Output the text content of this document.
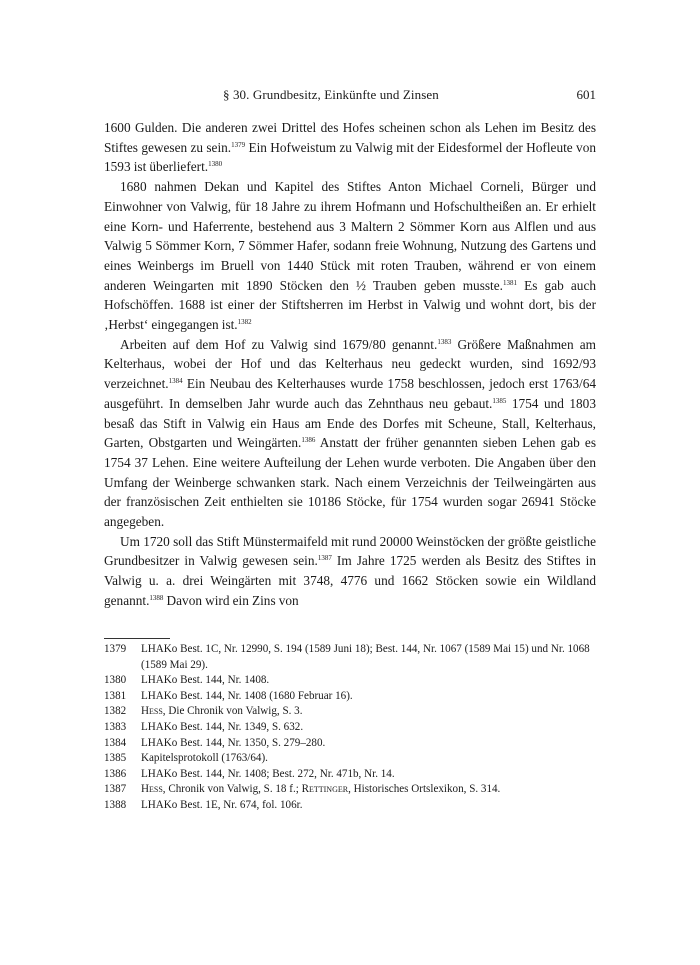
§ 30. Grundbesitz, Einkünfte und Zinsen	601

1600 Gulden. Die anderen zwei Drittel des Hofes scheinen schon als Lehen im Besitz des Stiftes gewesen zu sein.$^{1379}$ Ein Hofweistum zu Valwig mit der Eidesformel der Hofleute von 1593 ist überliefert.$^{1380}$

1680 nahmen Dekan und Kapitel des Stiftes Anton Michael Corneli, Bürger und Einwohner von Valwig, für 18 Jahre zu ihrem Hofmann und Hofschultheißen an. Er erhielt eine Korn- und Haferrente, bestehend aus 3 Maltern 2 Sömmer Korn aus Alflen und aus Valwig 5 Sömmer Korn, 7 Sömmer Hafer, sodann freie Wohnung, Nutzung des Gartens und eines Weinbergs im Bruell von 1440 Stück mit roten Trauben, während er von einem anderen Weingarten mit 1890 Stöcken den ½ Trauben geben musste.$^{1381}$ Es gab auch Hofschöffen. 1688 ist einer der Stiftsherren im Herbst in Valwig und wohnt dort, bis der ‚Herbst‘ eingegangen ist.$^{1382}$

Arbeiten auf dem Hof zu Valwig sind 1679/80 genannt.$^{1383}$ Größere Maßnahmen am Kelterhaus, wobei der Hof und das Kelterhaus neu gedeckt wurden, sind 1692/93 verzeichnet.$^{1384}$ Ein Neubau des Kelterhauses wurde 1758 beschlossen, jedoch erst 1763/64 ausgeführt. In demselben Jahr wurde auch das Zehnthaus neu gebaut.$^{1385}$ 1754 und 1803 besaß das Stift in Valwig ein Haus am Ende des Dorfes mit Scheune, Stall, Kelterhaus, Garten, Obstgarten und Weingärten.$^{1386}$ Anstatt der früher genannten sieben Lehen gab es 1754 37 Lehen. Eine weitere Aufteilung der Lehen wurde verboten. Die Angaben über den Umfang der Weinberge schwanken stark. Nach einem Verzeichnis der Teilweingärten aus der französischen Zeit enthielten sie 10186 Stöcke, für 1754 wurden sogar 26941 Stöcke angegeben.

Um 1720 soll das Stift Münstermaifeld mit rund 20000 Weinstöcken der größte geistliche Grundbesitzer in Valwig gewesen sein.$^{1387}$ Im Jahre 1725 werden als Besitz des Stiftes in Valwig u. a. drei Weingärten mit 3748, 4776 und 1662 Stöcken sowie ein Wildland genannt.$^{1388}$ Davon wird ein Zins von

1379 LHAKo Best. 1C, Nr. 12990, S. 194 (1589 Juni 18); Best. 144, Nr. 1067 (1589 Mai 15) und Nr. 1068 (1589 Mai 29).
1380 LHAKo Best. 144, Nr. 1408.
1381 LHAKo Best. 144, Nr. 1408 (1680 Februar 16).
1382 Hess, Die Chronik von Valwig, S. 3.
1383 LHAKo Best. 144, Nr. 1349, S. 632.
1384 LHAKo Best. 144, Nr. 1350, S. 279–280.
1385 Kapitelsprotokoll (1763/64).
1386 LHAKo Best. 144, Nr. 1408; Best. 272, Nr. 471b, Nr. 14.
1387 Hess, Chronik von Valwig, S. 18 f.; Rettinger, Historisches Ortslexikon, S. 314.
1388 LHAKo Best. 1E, Nr. 674, fol. 106r.
